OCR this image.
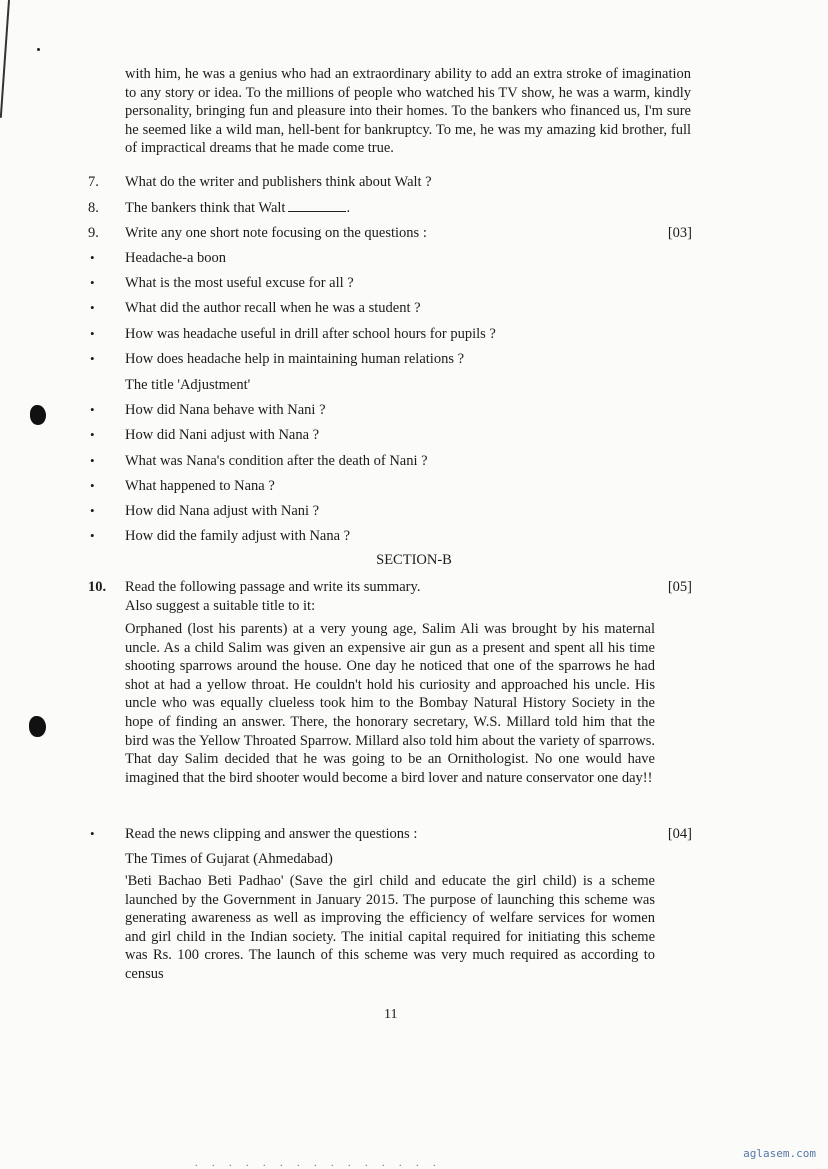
with him, he was a genius who had an extraordinary ability to add an extra stroke of imagination to any story or idea. To the millions of people who watched his TV show, he was a warm, kindly personality, bringing fun and pleasure into their homes. To the bankers who financed us, I'm sure he seemed like a wild man, hell-bent for bankruptcy. To me, he was my amazing kid brother, full of impractical dreams that he made come true.
7. What do the writer and publishers think about Walt ?
8. The bankers think that Walt	.
9. Write any one short note focusing on the questions :	[03]
• Headache-a boon
• What is the most useful excuse for all ?
• What did the author recall when he was a student ?
• How was headache useful in drill after school hours for pupils ?
• How does headache help in maintaining human relations ?
The title 'Adjustment'
• How did Nana behave with Nani ?
• How did Nani adjust with Nana ?
• What was Nana's condition after the death of Nani ?
• What happened to Nana ?
• How did Nana adjust with Nani ?
• How did the family adjust with Nana ?
SECTION-B
10. Read the following passage and write its summary.	[05]
Also suggest a suitable title to it:
Orphaned (lost his parents) at a very young age, Salim Ali was brought by his maternal uncle. As a child Salim was given an expensive air gun as a present and spent all his time shooting sparrows around the house. One day he noticed that one of the sparrows he had shot at had a yellow throat. He couldn't hold his curiosity and approached his uncle. His uncle who was equally clueless took him to the Bombay Natural History Society in the hope of finding an answer. There, the honorary secretary, W.S. Millard told him that the bird was the Yellow Throated Sparrow. Millard also told him about the variety of sparrows. That day Salim decided that he was going to be an Ornithologist. No one would have imagined that the bird shooter would become a bird lover and nature conservator one day!!
• Read the news clipping and answer the questions :	[04]
The Times of Gujarat (Ahmedabad)
'Beti Bachao Beti Padhao' (Save the girl child and educate the girl child) is a scheme launched by the Government in January 2015. The purpose of launching this scheme was generating awareness as well as improving the efficiency of welfare services for women and girl child in the Indian society. The initial capital required for initiating this scheme was Rs. 100 crores. The launch of this scheme was very much required as according to census
11
. . . . . . . . . . . . . . .
aglasem.com
